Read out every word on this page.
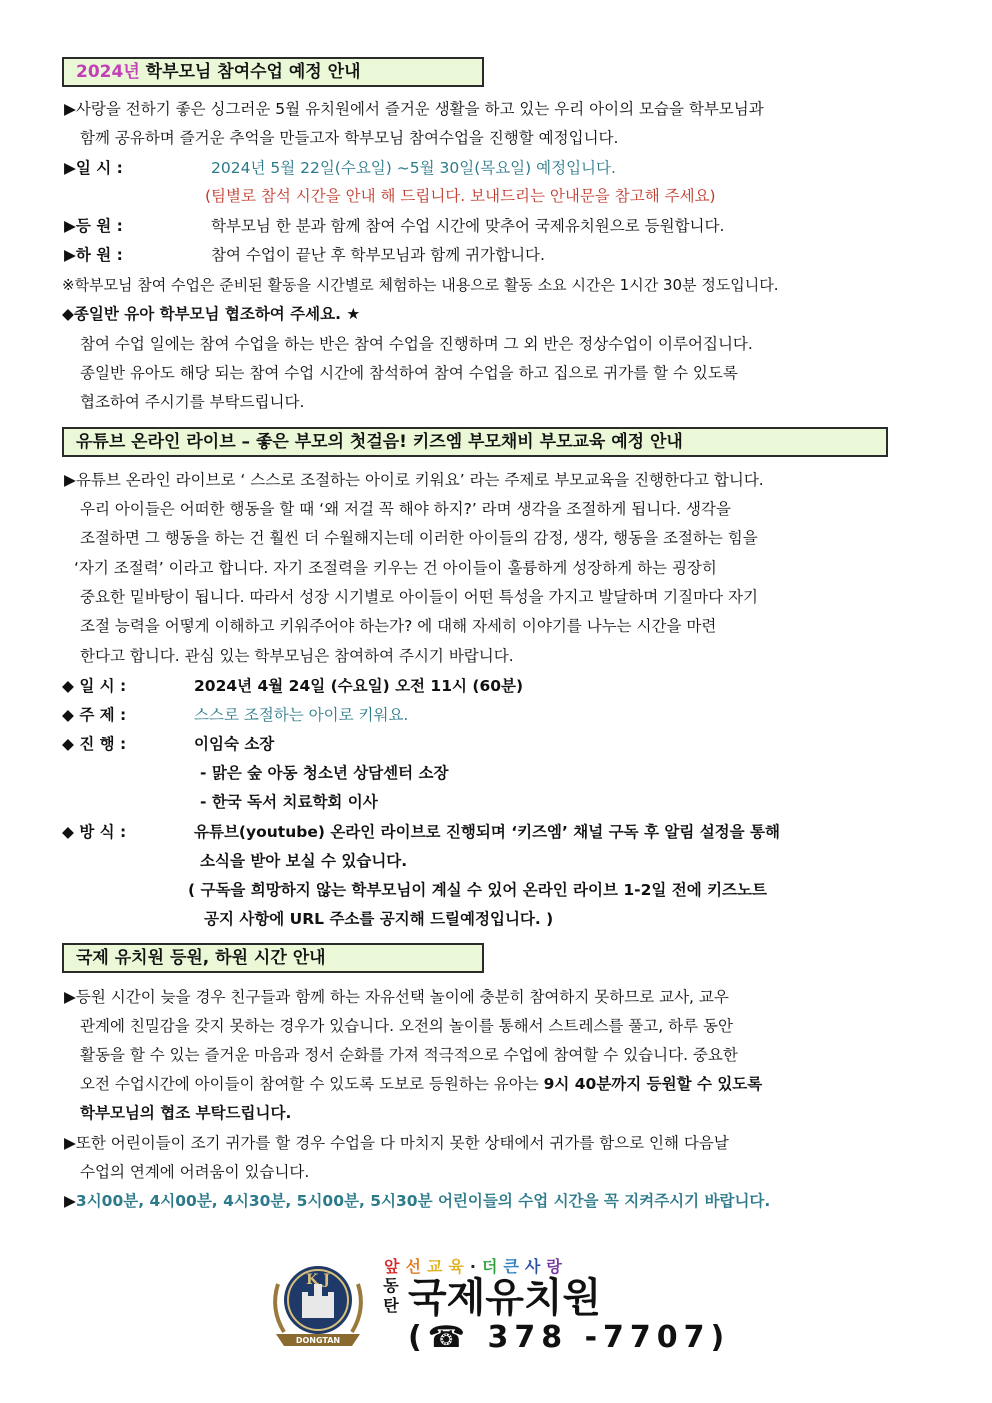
2024년 학부모님 참여수업 예정 안내
▶사랑을 전하기 좋은 싱그러운 5월 유치원에서 즐거운 생활을 하고 있는 우리 아이의 모습을 학부모님과
함께 공유하며 즐거운 추억을 만들고자 학부모님 참여수업을 진행할 예정입니다.
▶일 시 :	2024년 5월 22일(수요일) ~5월 30일(목요일) 예정입니다.
(팀별로 참석 시간을 안내 해 드립니다. 보내드리는 안내문을 참고해 주세요)
▶등 원 :	학부모님 한 분과 함께 참여 수업 시간에 맞추어 국제유치원으로 등원합니다.
▶하 원 :	참여 수업이 끝난 후 학부모님과 함께 귀가합니다.
※학부모님 참여 수업은 준비된 활동을 시간별로 체험하는 내용으로 활동 소요 시간은 1시간 30분 정도입니다.
◆종일반 유아 학부모님 협조하여 주세요. ★
참여 수업 일에는 참여 수업을 하는 반은 참여 수업을 진행하며 그 외 반은 정상수업이 이루어집니다.
종일반 유아도 해당 되는 참여 수업 시간에 참석하여 참여 수업을 하고 집으로 귀가를 할 수 있도록
협조하여 주시기를 부탁드립니다.
유튜브 온라인 라이브 – 좋은 부모의 첫걸음! 키즈엠 부모채비 부모교육 예정 안내
▶유튜브 온라인 라이브로 ‘ 스스로 조절하는 아이로 키워요’ 라는 주제로 부모교육을 진행한다고 합니다.
우리 아이들은 어떠한 행동을 할 때 ‘왜 저걸 꼭 해야 하지?’ 라며 생각을 조절하게 됩니다. 생각을
조절하면 그 행동을 하는 건 훨씬 더 수월해지는데 이러한 아이들의 감정, 생각, 행동을 조절하는 힘을
‘자기 조절력’ 이라고 합니다. 자기 조절력을 키우는 건 아이들이 훌륭하게 성장하게 하는 굉장히
중요한 밑바탕이 됩니다. 따라서 성장 시기별로 아이들이 어떤 특성을 가지고 발달하며 기질마다 자기
조절 능력을 어떻게 이해하고 키워주어야 하는가? 에 대해 자세히 이야기를 나누는 시간을 마련
한다고 합니다. 관심 있는 학부모님은 참여하여 주시기 바랍니다.
◆ 일 시 :	2024년 4월 24일 (수요일) 오전 11시 (60분)
◆ 주 제 :	스스로 조절하는 아이로 키워요.
◆ 진 행 :	이임숙 소장
- 맑은 숲 아동 청소년 상담센터 소장
- 한국 독서 치료학회 이사
◆ 방 식 :	유튜브(youtube) 온라인 라이브로 진행되며 ‘키즈엠’ 채널 구독 후 알림 설정을 통해
소식을 받아 보실 수 있습니다.
( 구독을 희망하지 않는 학부모님이 계실 수 있어 온라인 라이브 1-2일 전에 키즈노트
공지 사항에 URL 주소를 공지해 드릴예정입니다. )
국제 유치원 등원, 하원 시간 안내
▶등원 시간이 늦을 경우 친구들과 함께 하는 자유선택 놀이에 충분히 참여하지 못하므로 교사, 교우
관계에 친밀감을 갖지 못하는 경우가 있습니다. 오전의 놀이를 통해서 스트레스를 풀고, 하루 동안
활동을 할 수 있는 즐거운 마음과 정서 순화를 가져 적극적으로 수업에 참여할 수 있습니다. 중요한
오전 수업시간에 아이들이 참여할 수 있도록 도보로 등원하는 유아는 9시 40분까지 등원할 수 있도록
학부모님의 협조 부탁드립니다.
▶또한 어린이들이 조기 귀가를 할 경우 수업을 다 마치지 못한 상태에서 귀가를 함으로 인해 다음날
수업의 연계에 어려움이 있습니다.
▶3시00분, 4시00분, 4시30분, 5시00분, 5시30분 어린이들의 수업 시간을 꼭 지켜주시기 바랍니다.
DONGTAN
K J
앞선교육·더큰사랑
동
탄 국제유치원
(☎ 378 -7707)
